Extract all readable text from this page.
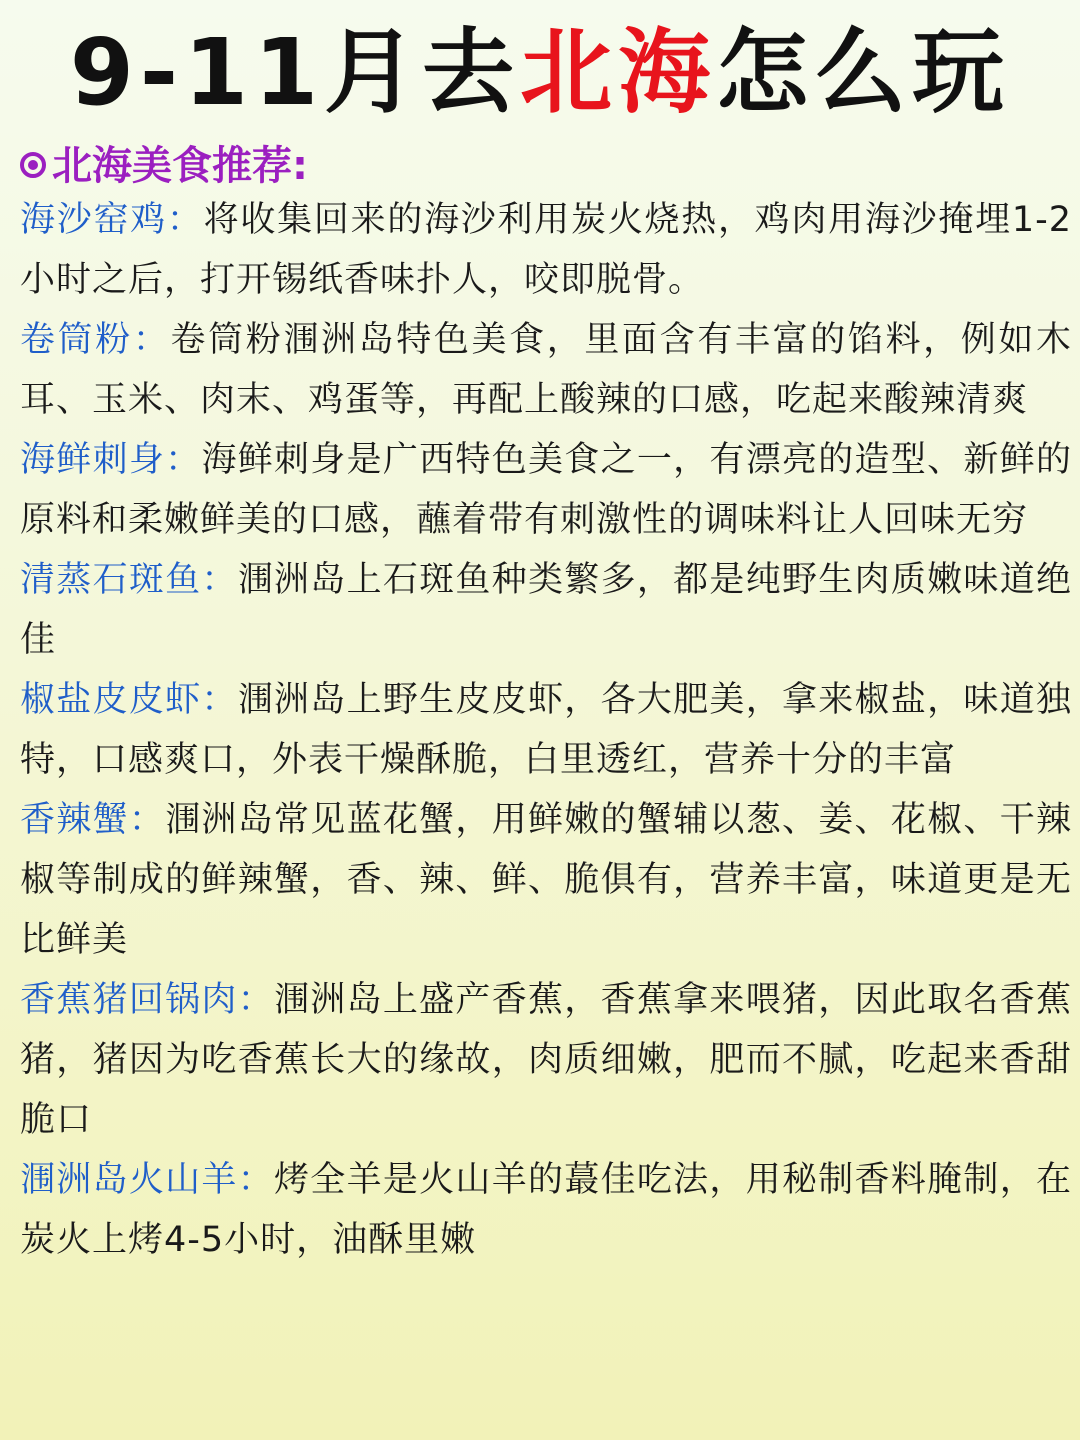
9-11月去北海怎么玩
北海美食推荐:
海沙窑鸡：将收集回来的海沙利用炭火烧热，鸡肉用海沙掩埋1-2小时之后，打开锡纸香味扑人，咬即脱骨。
卷筒粉：卷筒粉涠洲岛特色美食，里面含有丰富的馅料，例如木耳、玉米、肉末、鸡蛋等，再配上酸辣的口感，吃起来酸辣清爽
海鲜刺身：海鲜刺身是广西特色美食之一，有漂亮的造型、新鲜的原料和柔嫩鲜美的口感，蘸着带有刺激性的调味料让人回味无穷
清蒸石斑鱼：涠洲岛上石斑鱼种类繁多，都是纯野生肉质嫩味道绝佳
椒盐皮皮虾：涠洲岛上野生皮皮虾，各大肥美，拿来椒盐，味道独特，口感爽口，外表干燥酥脆，白里透红，营养十分的丰富
香辣蟹：涠洲岛常见蓝花蟹，用鲜嫩的蟹辅以葱、姜、花椒、干辣椒等制成的鲜辣蟹，香、辣、鲜、脆俱有，营养丰富，味道更是无比鲜美
香蕉猪回锅肉：涠洲岛上盛产香蕉，香蕉拿来喂猪，因此取名香蕉猪，猪因为吃香蕉长大的缘故，肉质细嫩，肥而不腻，吃起来香甜脆口
涠洲岛火山羊：烤全羊是火山羊的蕞佳吃法，用秘制香料腌制，在炭火上烤4-5小时，油酥里嫩
